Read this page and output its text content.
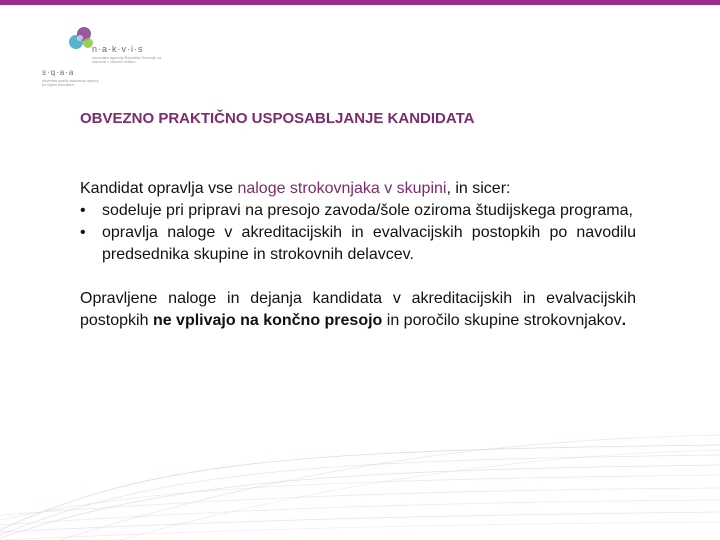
n·a·k·v·i·s
nacionalna agencija Republike Slovenije za kakovost v visokem šolstvu
s·q·a·a
slovenian quality assurance agency for higher education
OBVEZNO PRAKTIČNO USPOSABLJANJE KANDIDATA

Kandidat opravlja vse naloge strokovnjaka v skupini, in sicer:

• sodeluje pri pripravi na presojo zavoda/šole oziroma študijskega programa,
• opravlja naloge v akreditacijskih in evalvacijskih postopkih po navodilu predsednika skupine in strokovnih delavcev.

Opravljene naloge in dejanja kandidata v akreditacijskih in evalvacijskih postopkih ne vplivajo na končno presojo in poročilo skupine strokovnjakov.
